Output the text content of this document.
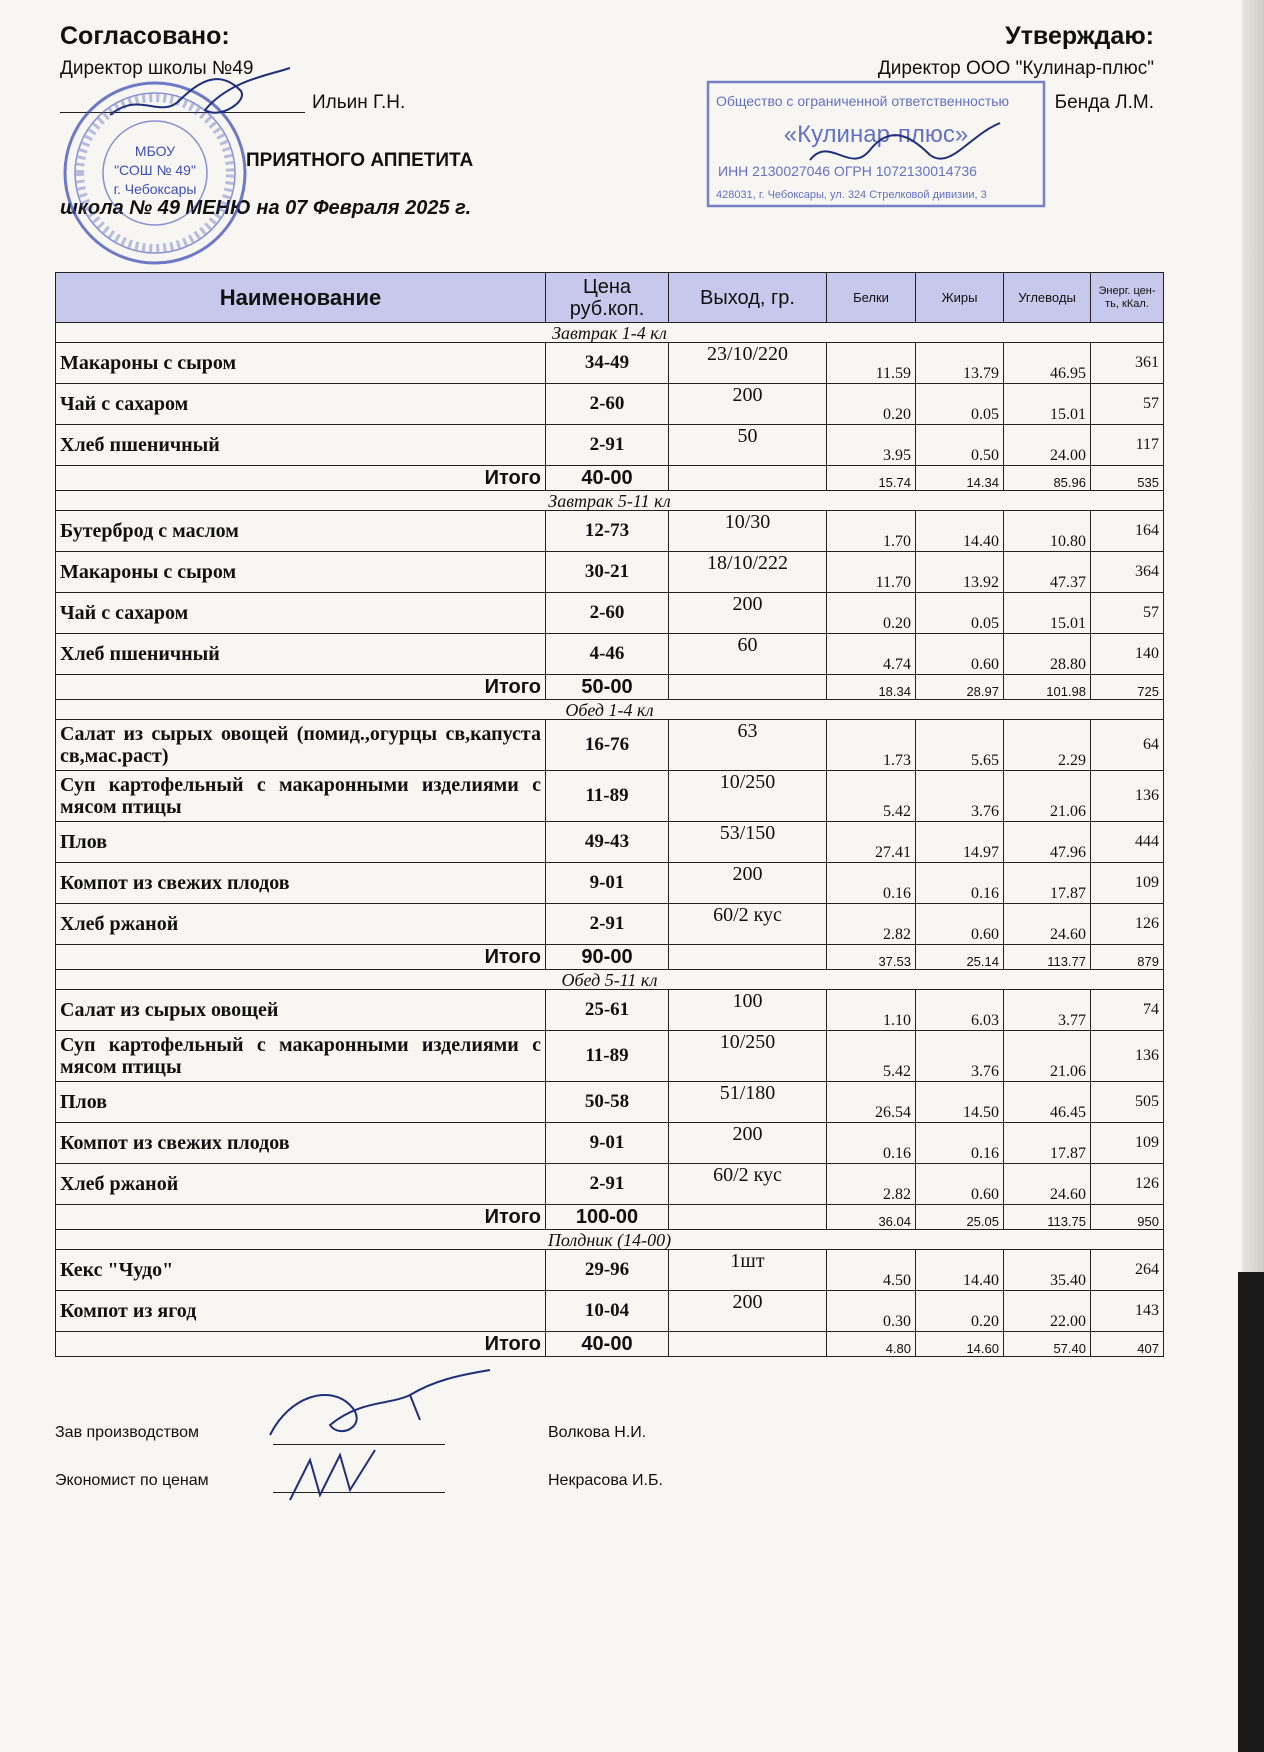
Согласовано:
Директор школы №49
Ильин Г.Н.
ПРИЯТНОГО АППЕТИТА
школа № 49 МЕНЮ на 07 Февраля 2025 г.
Утверждаю:
Директор ООО "Кулинар-плюс"
Бенда Л.М.
МБОУ
"СОШ № 49"
г. Чебоксары
Общество с ограниченной ответственностью
«Кулинар-плюс»
ИНН 2130027046 ОГРН 1072130014736
428031, г. Чебоксары, ул. 324 Стрелковой дивизии, 3
Наименование	Цена руб.коп.	Выход, гр.	Белки	Жиры	Углеводы	Энерг. цен-ть, кКал.
Завтрак 1-4 кл						
Макароны с сыром	34-49	23/10/220	11.59	13.79	46.95	361
Чай с сахаром	2-60	200	0.20	0.05	15.01	57
Хлеб пшеничный	2-91	50	3.95	0.50	24.00	117
Итого	40-00		15.74	14.34	85.96	535
Завтрак 5-11 кл						
Бутерброд с маслом	12-73	10/30	1.70	14.40	10.80	164
Макароны с сыром	30-21	18/10/222	11.70	13.92	47.37	364
Чай с сахаром	2-60	200	0.20	0.05	15.01	57
Хлеб пшеничный	4-46	60	4.74	0.60	28.80	140
Итого	50-00		18.34	28.97	101.98	725
Обед 1-4 кл						
Салат из сырых овощей (помид.,огурцы св,капуста св,мас.раст)	16-76	63	1.73	5.65	2.29	64
Суп картофельный с макаронными изделиями с мясом птицы	11-89	10/250	5.42	3.76	21.06	136
Плов	49-43	53/150	27.41	14.97	47.96	444
Компот из свежих плодов	9-01	200	0.16	0.16	17.87	109
Хлеб ржаной	2-91	60/2 кус	2.82	0.60	24.60	126
Итого	90-00		37.53	25.14	113.77	879
Обед 5-11 кл						
Салат из сырых овощей	25-61	100	1.10	6.03	3.77	74
Суп картофельный с макаронными изделиями с мясом птицы	11-89	10/250	5.42	3.76	21.06	136
Плов	50-58	51/180	26.54	14.50	46.45	505
Компот из свежих плодов	9-01	200	0.16	0.16	17.87	109
Хлеб ржаной	2-91	60/2 кус	2.82	0.60	24.60	126
Итого	100-00		36.04	25.05	113.75	950
Полдник (14-00)						
Кекс "Чудо"	29-96	1шт	4.50	14.40	35.40	264
Компот из ягод	10-04	200	0.30	0.20	22.00	143
Итого	40-00		4.80	14.60	57.40	407
Зав производством	Волкова Н.И.
Экономист по ценам	Некрасова И.Б.
